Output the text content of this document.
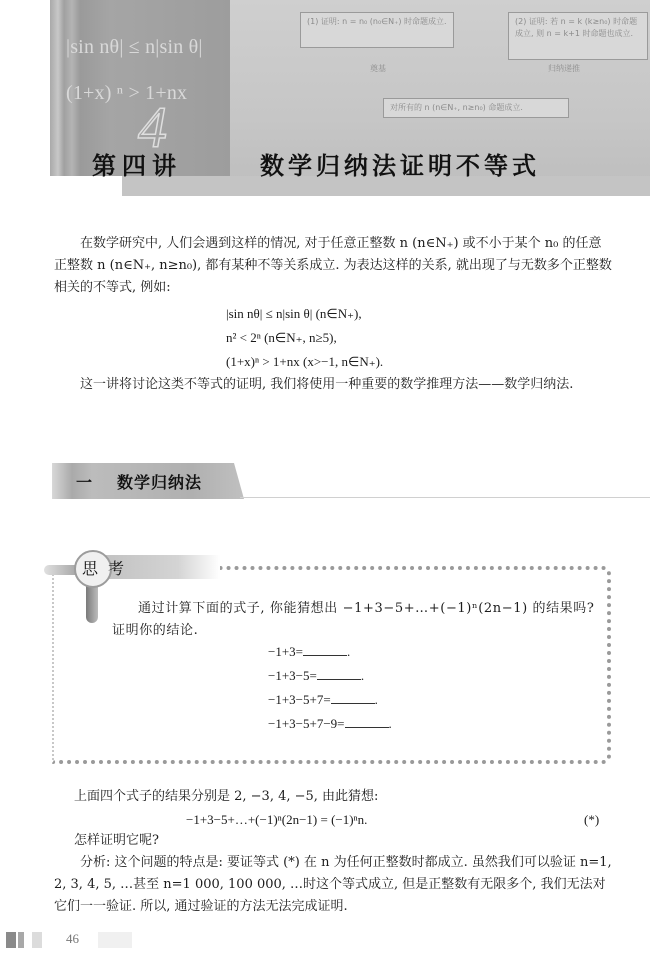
|sin nθ| ≤ n|sin θ|
(1+x) ⁿ > 1+nx
4
(1) 证明: n = n₀ (n₀∈N₊) 时命题成立.
奠基
(2) 证明: 若 n = k (k≥n₀) 时命题成立, 则 n = k+1 时命题也成立.
归纳递推
对所有的 n (n∈N₊, n≥n₀) 命题成立.
第四讲	数学归纳法证明不等式
在数学研究中, 人们会遇到这样的情况, 对于任意正整数 n (n∈N₊) 或不小于某个 n₀ 的任意正整数 n (n∈N₊, n≥n₀), 都有某种不等关系成立. 为表达这样的关系, 就出现了与无数多个正整数相关的不等式, 例如:
|sin nθ| ≤ n|sin θ| (n∈N₊),
n² < 2ⁿ (n∈N₊, n≥5),
(1+x)ⁿ > 1+nx (x>−1, n∈N₊).
这一讲将讨论这类不等式的证明, 我们将使用一种重要的数学推理方法——数学归纳法.
一 数学归纳法
思考
通过计算下面的式子, 你能猜想出 −1+3−5+…+(−1)ⁿ(2n−1) 的结果吗? 证明你的结论.
−1+3=	.
−1+3−5=	.
−1+3−5+7=	.
−1+3−5+7−9=	.
上面四个式子的结果分别是 2, −3, 4, −5, 由此猜想:
−1+3−5+…+(−1)ⁿ(2n−1) = (−1)ⁿn.	(*)
怎样证明它呢?
分析: 这个问题的特点是: 要证等式 (*) 在 n 为任何正整数时都成立. 虽然我们可以验证 n=1, 2, 3, 4, 5, …甚至 n=1 000, 100 000, …时这个等式成立, 但是正整数有无限多个, 我们无法对它们一一验证. 所以, 通过验证的方法无法完成证明.
46
